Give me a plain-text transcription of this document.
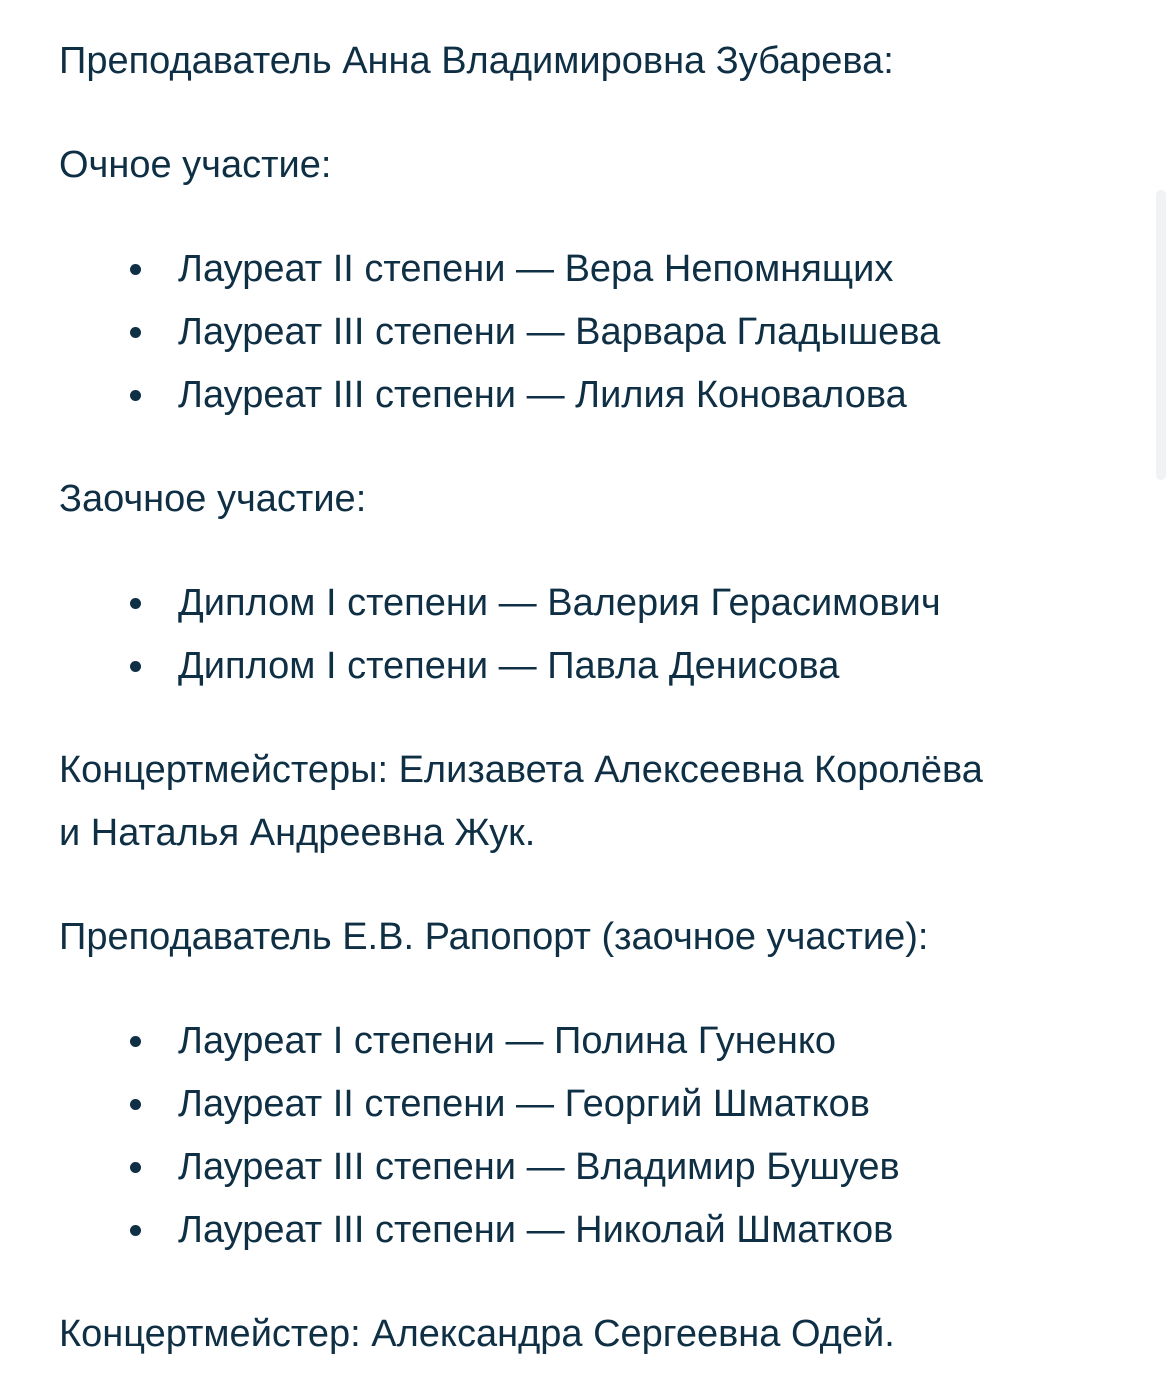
Преподаватель Анна Владимировна Зубарева:

Очное участие:

Лауреат II степени — Вера Непомнящих
Лауреат III степени — Варвара Гладышева
Лауреат III степени — Лилия Коновалова

Заочное участие:

Диплом I степени — Валерия Герасимович
Диплом I степени — Павла Денисова

Концертмейстеры: Елизавета Алексеевна Королёва
и Наталья Андреевна Жук.

Преподаватель Е.В. Рапопорт (заочное участие):

Лауреат I степени — Полина Гуненко
Лауреат II степени — Георгий Шматков
Лауреат III степени — Владимир Бушуев
Лауреат III степени — Николай Шматков

Концертмейстер: Александра Сергеевна Одей.
